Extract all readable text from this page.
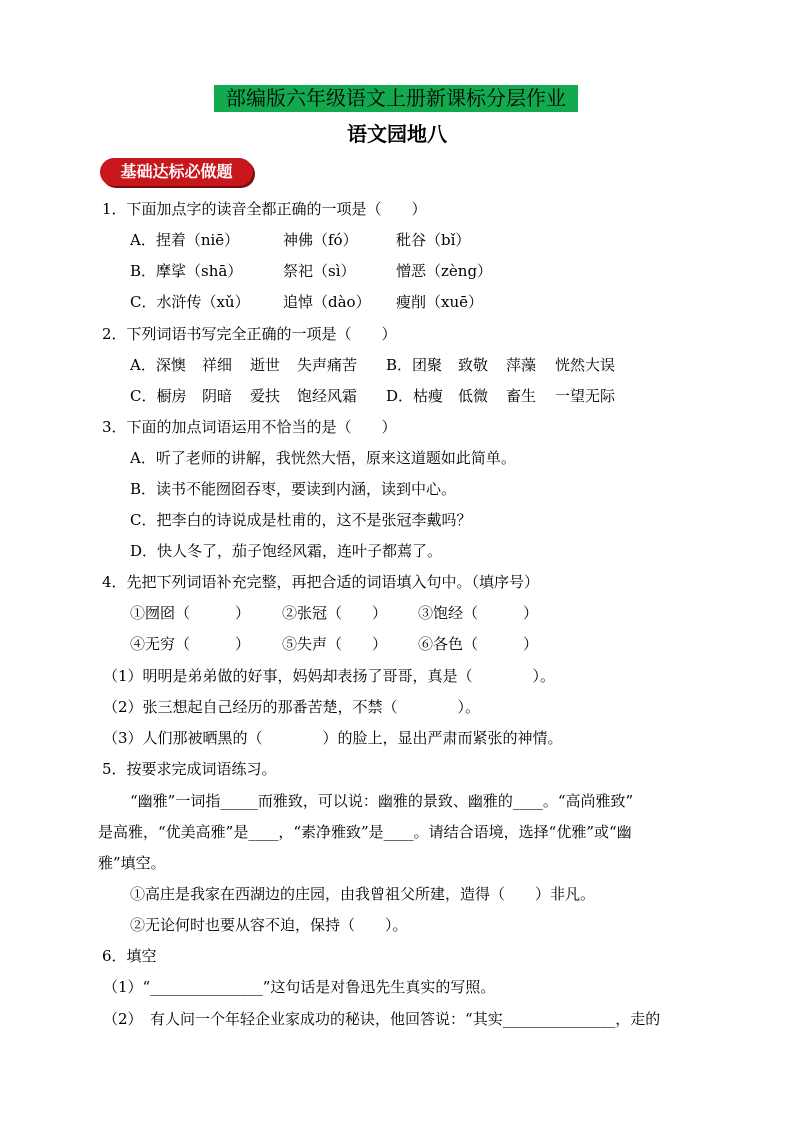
部编版六年级语文上册新课标分层作业
语文园地八
基础达标必做题
1．下面加点字的读音全都正确的一项是（　　）
A．捏着（niē）	神佛（fó）	秕谷（bǐ）
B．摩挲（shā）	祭祀（sì）	憎恶（zèng）
C．水浒传（xǔ） 追悼（dào） 瘦削（xuē）
2．下列词语书写完全正确的一项是（　　）
A．深懊 祥细 逝世 失声痛苦 B．团聚 致敬 萍藻 恍然大误
C．橱房 阴暗 爱扶 饱经风霜 D．枯瘦 低微 畜生 一望无际
3．下面的加点词语运用不恰当的是（　　）
A．听了老师的讲解，我恍然大悟，原来这道题如此简单。
B．读书不能囫囵吞枣，要读到内涵，读到中心。
C．把李白的诗说成是杜甫的，这不是张冠李戴吗？
D．快人冬了，茄子饱经风霜，连叶子都蔫了。
4．先把下列词语补充完整，再把合适的词语填入句中。（填序号）
①囫囵（　　　） ②张冠（　　） ③饱经（　　　）
④无穷（　　　） ⑤失声（　　） ⑥各色（　　　）
（1）明明是弟弟做的好事，妈妈却表扬了哥哥，真是（　　　　）。
（2）张三想起自己经历的那番苦楚，不禁（　　　　）。
（3）人们那被晒黑的（　　　　）的脸上，显出严肃而紧张的神情。
5．按要求完成词语练习。
“幽雅”一词指_____而雅致，可以说：幽雅的景致、幽雅的____。“高尚雅致”
是高雅，“优美高雅”是____，“素净雅致”是____。请结合语境，选择“优雅”或“幽
雅”填空。
①高庄是我家在西湖边的庄园，由我曾祖父所建，造得（　　）非凡。
②无论何时也要从容不迫，保持（　　）。
6．填空
（1）“_______________”这句话是对鲁迅先生真实的写照。
（2）　有人问一个年轻企业家成功的秘诀，他回答说：“其实_______________，走的
